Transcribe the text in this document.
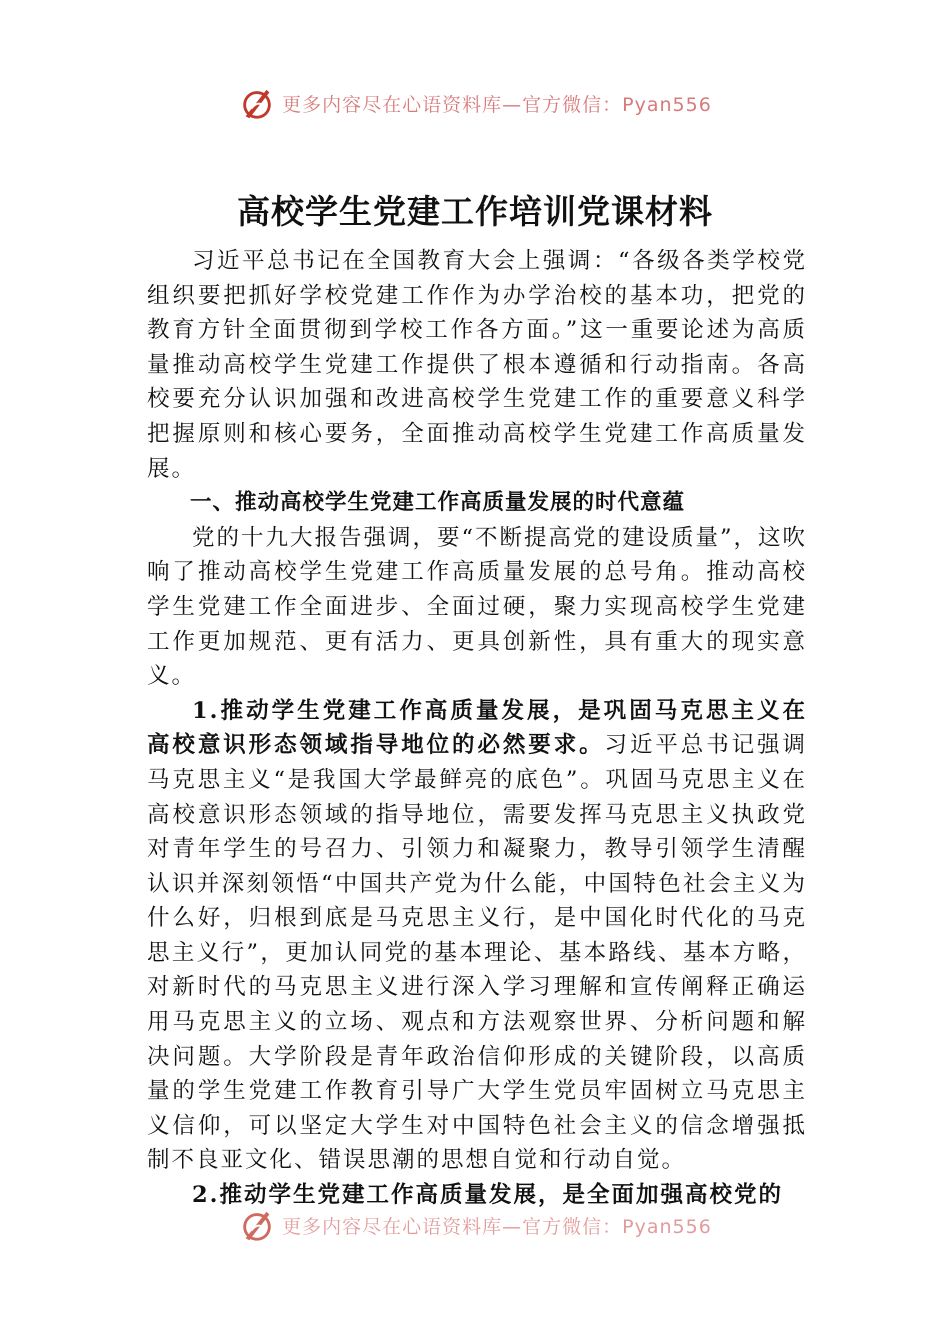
更多内容尽在心语资料库—官方微信：Pyan556
高校学生党建工作培训党课材料

习近平总书记在全国教育大会上强调：“各级各类学校党组织要把抓好学校党建工作作为办学治校的基本功，把党的教育方针全面贯彻到学校工作各方面。”这一重要论述为高质量推动高校学生党建工作提供了根本遵循和行动指南。各高校要充分认识加强和改进高校学生党建工作的重要意义科学把握原则和核心要务，全面推动高校学生党建工作高质量发展。

一、推动高校学生党建工作高质量发展的时代意蕴

党的十九大报告强调，要“不断提高党的建设质量”，这吹响了推动高校学生党建工作高质量发展的总号角。推动高校学生党建工作全面进步、全面过硬，聚力实现高校学生党建工作更加规范、更有活力、更具创新性，具有重大的现实意义。

1.推动学生党建工作高质量发展，是巩固马克思主义在高校意识形态领域指导地位的必然要求。习近平总书记强调马克思主义“是我国大学最鲜亮的底色”。巩固马克思主义在高校意识形态领域的指导地位，需要发挥马克思主义执政党对青年学生的号召力、引领力和凝聚力，教导引领学生清醒认识并深刻领悟“中国共产党为什么能，中国特色社会主义为什么好，归根到底是马克思主义行，是中国化时代化的马克思主义行”，更加认同党的基本理论、基本路线、基本方略，对新时代的马克思主义进行深入学习理解和宣传阐释正确运用马克思主义的立场、观点和方法观察世界、分析问题和解决问题。大学阶段是青年政治信仰形成的关键阶段，以高质量的学生党建工作教育引导广大学生党员牢固树立马克思主义信仰，可以坚定大学生对中国特色社会主义的信念增强抵制不良亚文化、错误思潮的思想自觉和行动自觉。

2.推动学生党建工作高质量发展，是全面加强高校党的

更多内容尽在心语资料库—官方微信：Pyan556
